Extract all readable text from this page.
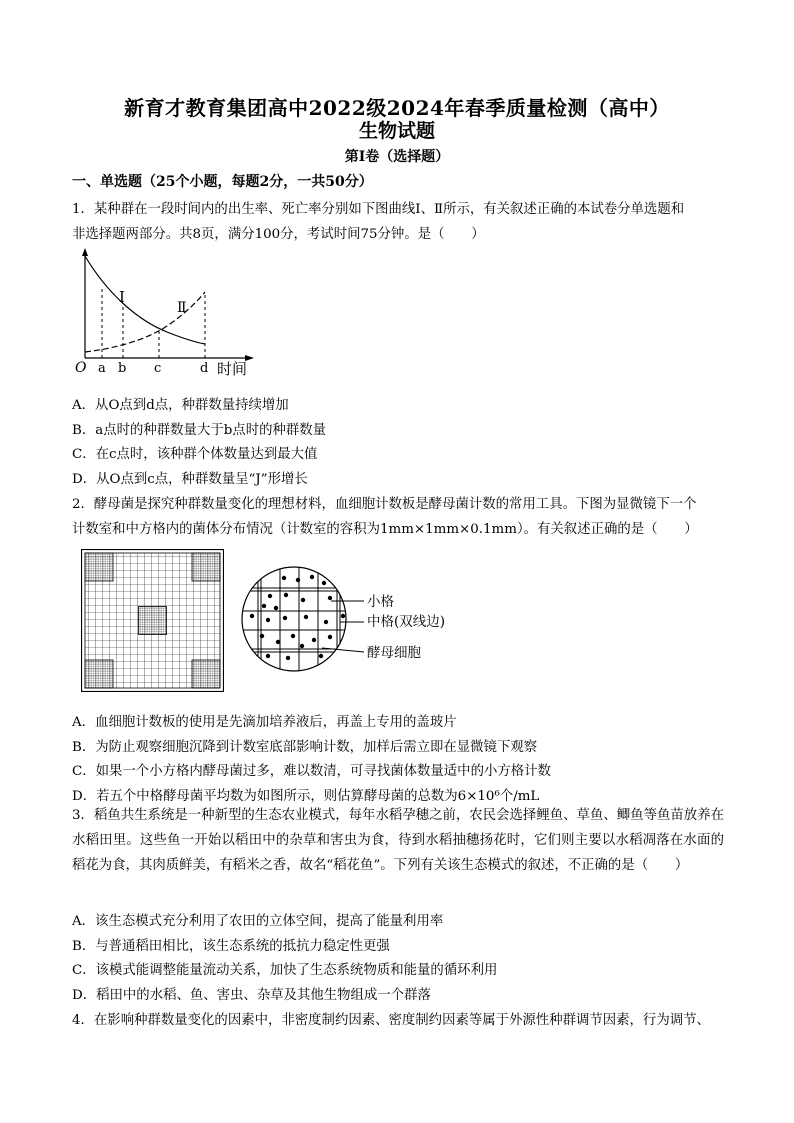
新育才教育集团高中2022级2024年春季质量检测（高中）
生物试题
第Ⅰ卷（选择题）
一、单选题（25个小题，每题2分，一共50分）
1．某种群在一段时间内的出生率、死亡率分别如下图曲线Ⅰ、Ⅱ所示，有关叙述正确的本试卷分单选题和
非选择题两部分。共8页，满分100分，考试时间75分钟。是（　　）
Ⅰ
Ⅱ
O a b c	d 时间
A．从O点到d点，种群数量持续增加
B．a点时的种群数量大于b点时的种群数量
C．在c点时，该种群个体数量达到最大值
D．从O点到c点，种群数量呈“J”形增长
2．酵母菌是探究种群数量变化的理想材料，血细胞计数板是酵母菌计数的常用工具。下图为显微镜下一个
计数室和中方格内的菌体分布情况（计数室的容积为1mm×1mm×0.1mm）。有关叙述正确的是（　　）
小格
中格(双线边)
酵母细胞
A．血细胞计数板的使用是先滴加培养液后，再盖上专用的盖玻片
B．为防止观察细胞沉降到计数室底部影响计数，加样后需立即在显微镜下观察
C．如果一个小方格内酵母菌过多，难以数清，可寻找菌体数量适中的小方格计数
D．若五个中格酵母菌平均数为如图所示，则估算酵母菌的总数为6×10⁶个/mL
3．稻鱼共生系统是一种新型的生态农业模式，每年水稻孕穗之前，农民会选择鲤鱼、草鱼、鲫鱼等鱼苗放养在水稻田里。这些鱼一开始以稻田中的杂草和害虫为食，待到水稻抽穗扬花时，它们则主要以水稻凋落在水面的稻花为食，其肉质鲜美，有稻米之香，故名“稻花鱼”。下列有关该生态模式的叙述，不正确的是（　　）
A．该生态模式充分利用了农田的立体空间，提高了能量利用率
B．与普通稻田相比，该生态系统的抵抗力稳定性更强
C．该模式能调整能量流动关系，加快了生态系统物质和能量的循环利用
D．稻田中的水稻、鱼、害虫、杂草及其他生物组成一个群落
4．在影响种群数量变化的因素中，非密度制约因素、密度制约因素等属于外源性种群调节因素，行为调节、
